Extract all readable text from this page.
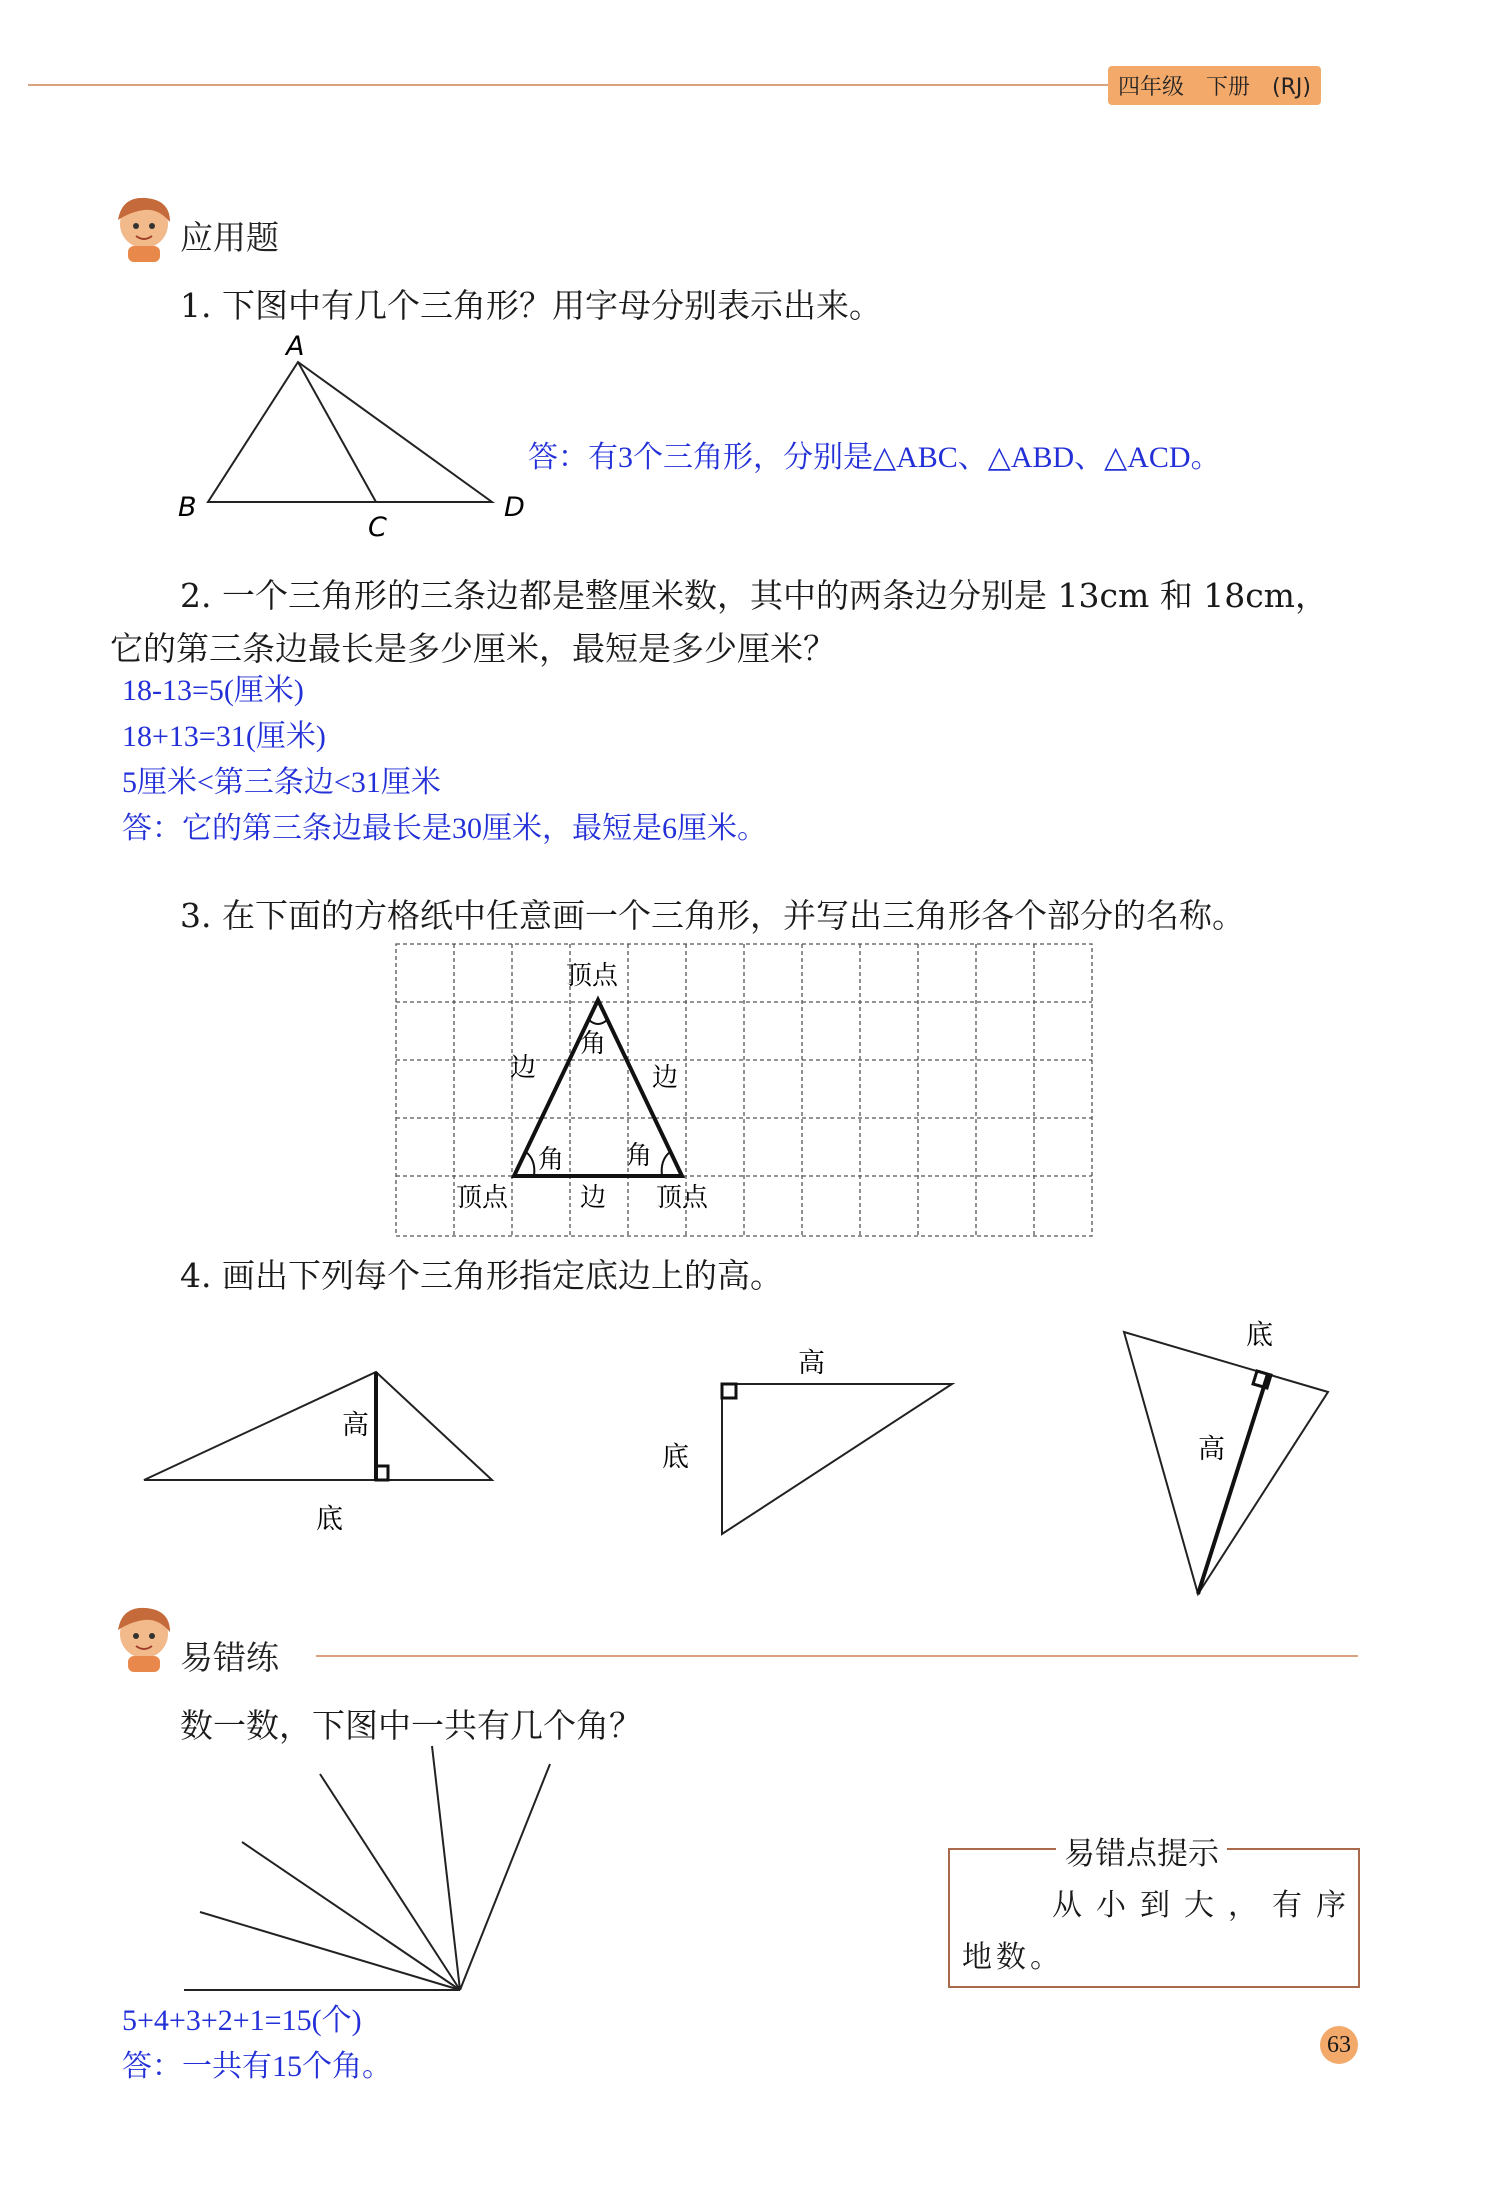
四年级　下册　(RJ)
应用题
1. 下图中有几个三角形？用字母分别表示出来。
A
B
C
D
答：有3个三角形，分别是△ABC、△ABD、△ACD。
2. 一个三角形的三条边都是整厘米数，其中的两条边分别是 13cm 和 18cm，
它的第三条边最长是多少厘米，最短是多少厘米？
18-13=5(厘米)
18+13=31(厘米)
5厘米<第三条边<31厘米
答：它的第三条边最长是30厘米，最短是6厘米。
3. 在下面的方格纸中任意画一个三角形，并写出三角形各个部分的名称。
顶点
角
边	边
角 角
顶点	边 顶点
4. 画出下列每个三角形指定底边上的高。
高
底
高
底
底
高
易错练
数一数，下图中一共有几个角？
5+4+3+2+1=15(个)
答：一共有15个角。
易错点提示
从小到大，有序
地数。
63
